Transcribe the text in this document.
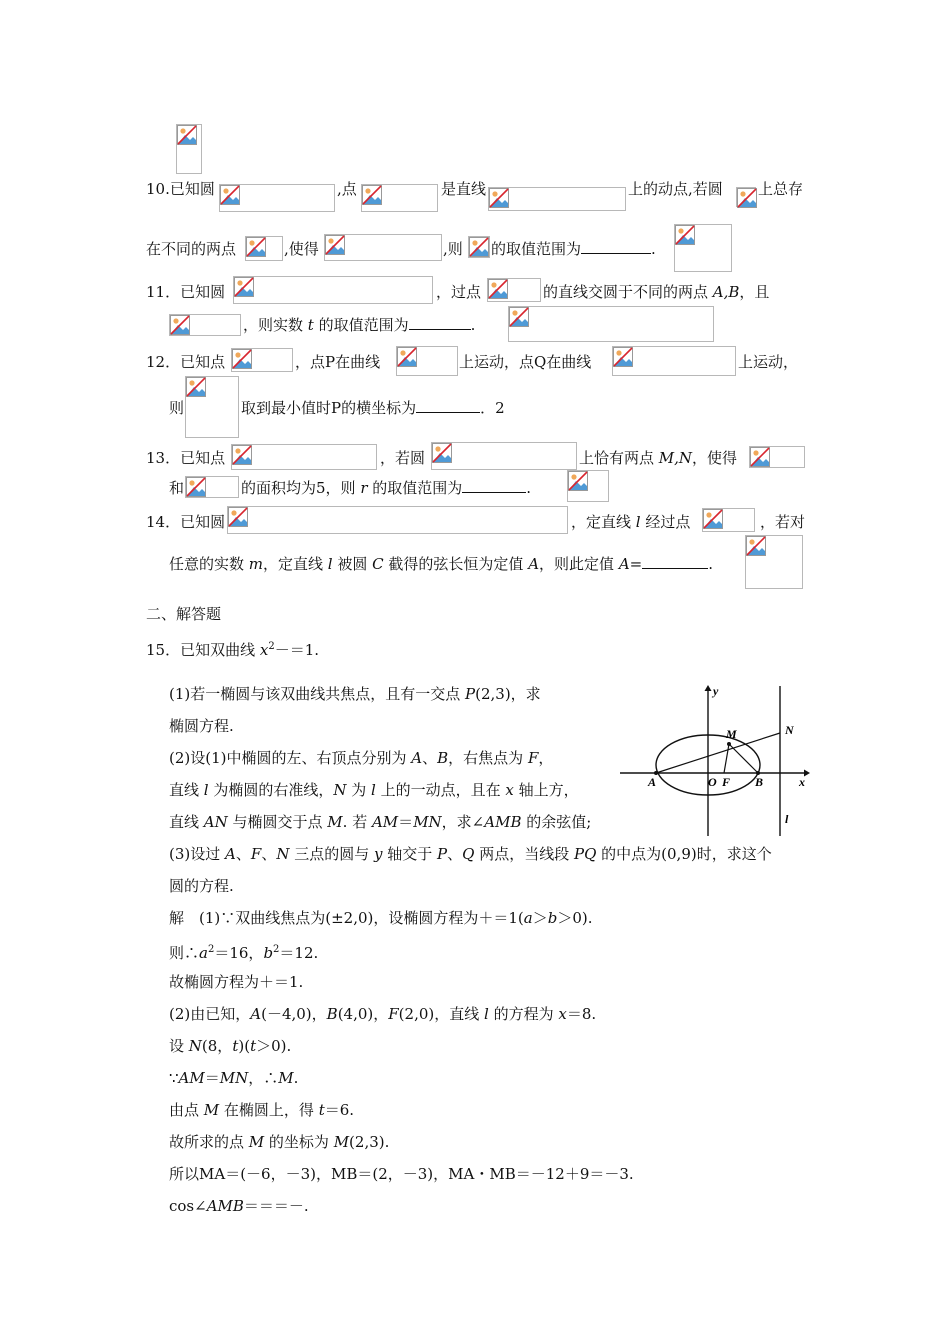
10.已知圆	,点	是直线	上的动点,若圆 上总存
在不同的两点	,使得	,则 的取值范围为	.
11．已知圆	，过点	的直线交圆于不同的两点 A,B，且
，则实数 t 的取值范围为	.
12．已知点	，点P在曲线	上运动，点Q在曲线	上运动，
则	取到最小值时P的横坐标为	．2
13．已知点	，若圆	上恰有两点 M,N，使得
和	的面积均为5，则 r 的取值范围为	.
14．已知圆	，定直线 l 经过点	，若对
任意的实数 m，定直线 l 被圆 C 截得的弦长恒为定值 A，则此定值 A=	.
二、解答题
15．已知双曲线 $x^2-=1$.
(1)若一椭圆与该双曲线共焦点，且有一交点 P(2,3)，求
椭圆方程.
(2)设(1)中椭圆的左、右顶点分别为 A、B，右焦点为 F，
直线 l 为椭圆的右准线，N 为 l 上的一动点，且在 x 轴上方，
直线 AN 与椭圆交于点 M. 若 AM＝MN，求∠AMB 的余弦值;
(3)设过 A、F、N 三点的圆与 y 轴交于 P、Q 两点，当线段 PQ 的中点为(0,9)时，求这个
圆的方程.
y
x
M	N
A	O F B
l
解　(1)∵双曲线焦点为(±2,0)，设椭圆方程为＋＝1(a＞b＞0).
则$\therefore a^2=16$，$b^2=12$.
故椭圆方程为＋＝1.
(2)由已知，A(－4,0)，B(4,0)，F(2,0)，直线 l 的方程为 x＝8.
设 N(8，t)(t＞0).
∵AM＝MN，∴M.
由点 M 在椭圆上，得 t＝6.
故所求的点 M 的坐标为 M(2,3).
所以MA＝(－6，－3)，MB＝(2，－3)，MA・MB＝－12＋9＝－3.
cos∠AMB＝＝＝－.
